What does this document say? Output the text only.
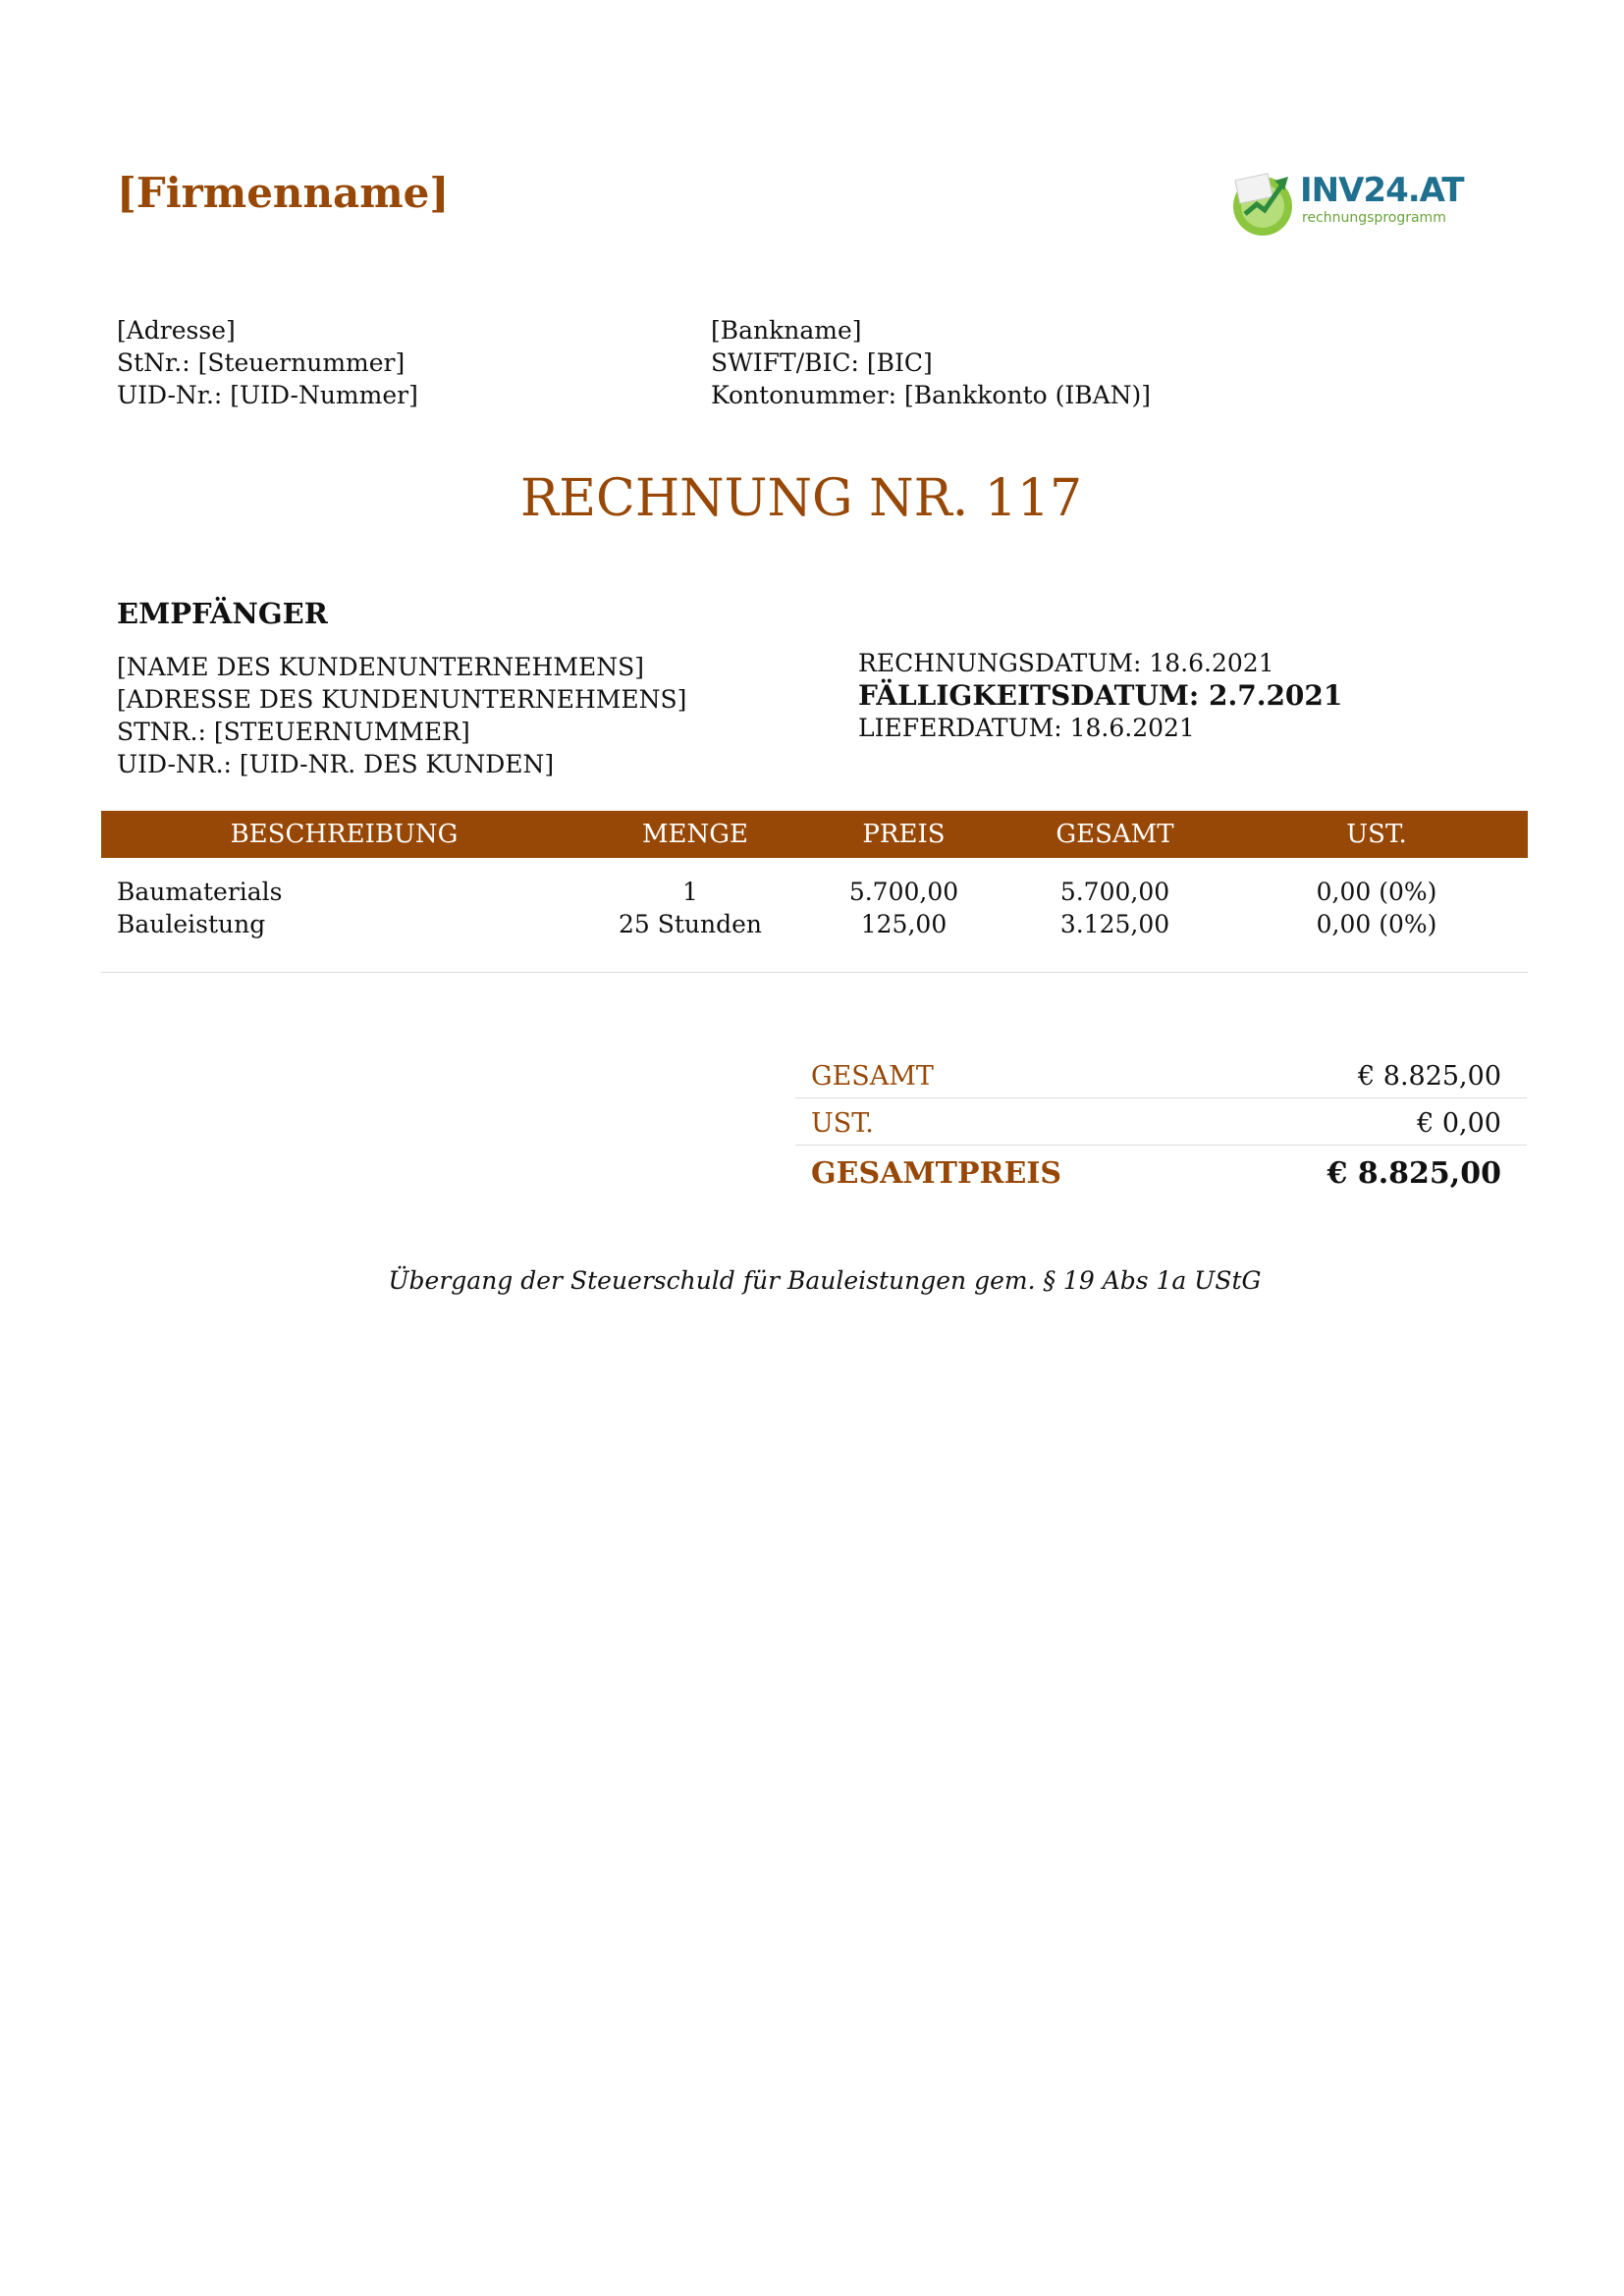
[Firmenname]	INV24.AT
rechnungsprogramm
[Adresse]
StNr.: [Steuernummer]
UID-Nr.: [UID-Nummer]
[Bankname]
SWIFT/BIC: [BIC]
Kontonummer: [Bankkonto (IBAN)]
RECHNUNG NR. 117
EMPFÄNGER
[NAME DES KUNDENUNTERNEHMENS]
[ADRESSE DES KUNDENUNTERNEHMENS]
STNR.: [STEUERNUMMER]
UID-NR.: [UID-NR. DES KUNDEN]
RECHNUNGSDATUM: 18.6.2021
FÄLLIGKEITSDATUM: 2.7.2021
LIEFERDATUM: 18.6.2021
BESCHREIBUNG	MENGE	PREIS	GESAMT	UST.
Baumaterials	1	5.700,00	5.700,00	0,00 (0%)
Bauleistung	25 Stunden	125,00	3.125,00	0,00 (0%)
GESAMT	€ 8.825,00
UST.	€ 0,00
GESAMTPREIS	€ 8.825,00
Übergang der Steuerschuld für Bauleistungen gem. § 19 Abs 1a UStG
